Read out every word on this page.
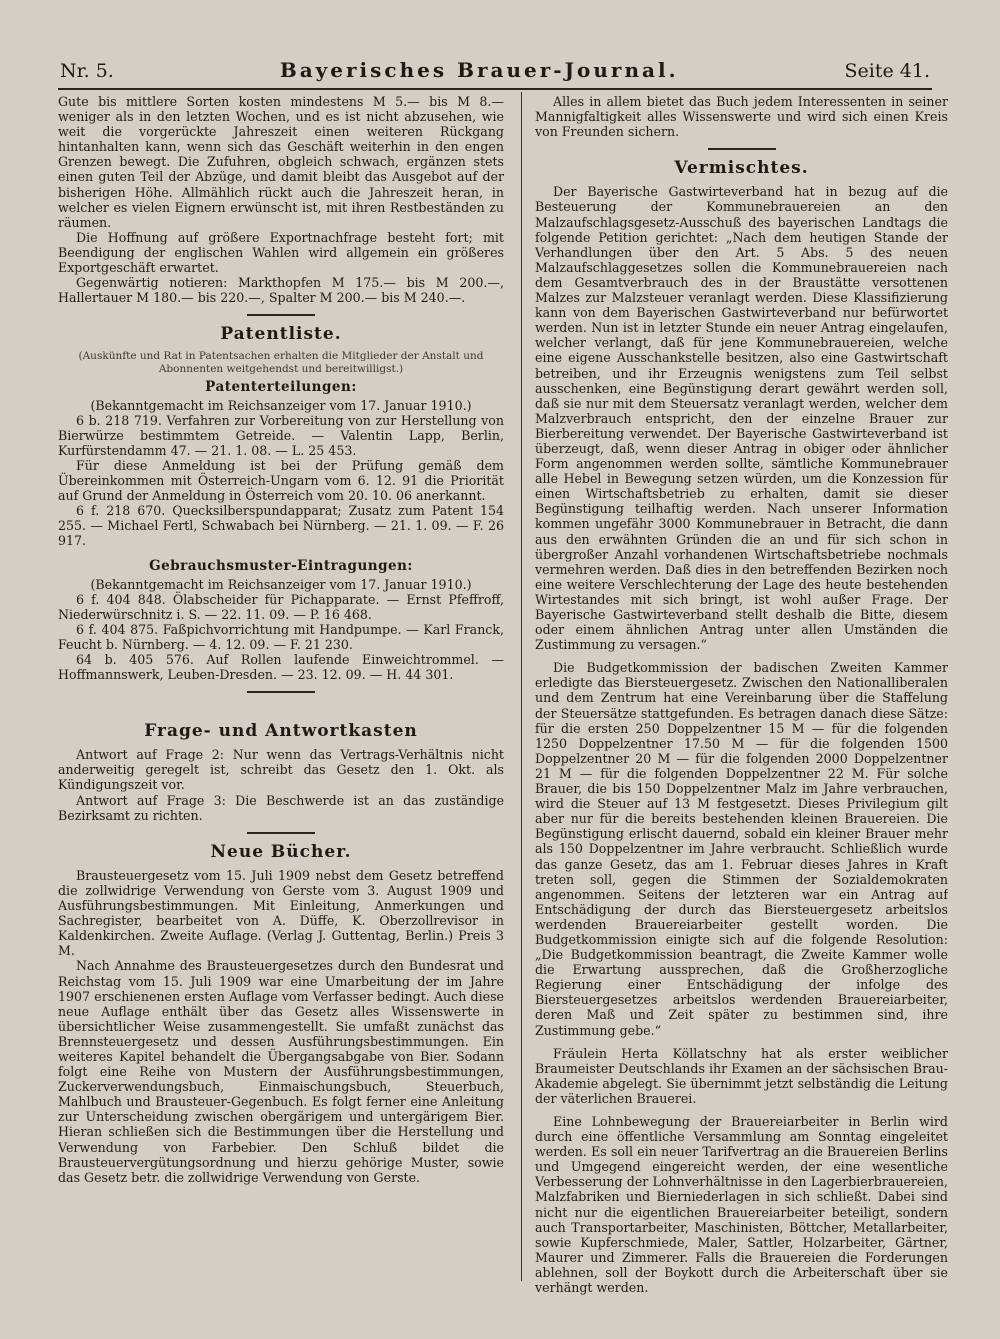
Nr. 5.	Bayerisches Brauer-Journal.	Seite 41.

Gute bis mittlere Sorten kosten mindestens M 5.— bis M 8.— weniger als in den letzten Wochen, und es ist nicht abzusehen, wie weit die vorgerückte Jahreszeit einen weiteren Rückgang hintanhalten kann, wenn sich das Geschäft weiterhin in den engen Grenzen bewegt. Die Zufuhren, obgleich schwach, ergänzen stets einen guten Teil der Abzüge, und damit bleibt das Ausgebot auf der bisherigen Höhe. Allmählich rückt auch die Jahreszeit heran, in welcher es vielen Eignern erwünscht ist, mit ihren Restbeständen zu räumen.

Die Hoffnung auf größere Exportnachfrage besteht fort; mit Beendigung der englischen Wahlen wird allgemein ein größeres Exportgeschäft erwartet.

Gegenwärtig notieren: Markthopfen M 175.— bis M 200.—, Hallertauer M 180.— bis 220.—, Spalter M 200.— bis M 240.—.

Patentliste.
(Auskünfte und Rat in Patentsachen erhalten die Mitglieder der Anstalt und Abonnenten weitgehendst und bereitwilligst.)
Patenterteilungen:

(Bekanntgemacht im Reichsanzeiger vom 17. Januar 1910.)

6 b. 218 719. Verfahren zur Vorbereitung von zur Herstellung von Bierwürze bestimmtem Getreide. — Valentin Lapp, Berlin, Kurfürstendamm 47. — 21. 1. 08. — L. 25 453.

Für diese Anmeldung ist bei der Prüfung gemäß dem Übereinkommen mit Österreich-Ungarn vom 6. 12. 91 die Priorität auf Grund der Anmeldung in Österreich vom 20. 10. 06 anerkannt.

6 f. 218 670. Quecksilberspundapparat; Zusatz zum Patent 154 255. — Michael Fertl, Schwabach bei Nürnberg. — 21. 1. 09. — F. 26 917.

Gebrauchsmuster-Eintragungen:

(Bekanntgemacht im Reichsanzeiger vom 17. Januar 1910.)

6 f. 404 848. Ölabscheider für Pichapparate. — Ernst Pfeffroff, Niederwürschnitz i. S. — 22. 11. 09. — P. 16 468.

6 f. 404 875. Faßpichvorrichtung mit Handpumpe. — Karl Franck, Feucht b. Nürnberg. — 4. 12. 09. — F. 21 230.

64 b. 405 576. Auf Rollen laufende Einweichtrommel. — Hoffmannswerk, Leuben-Dresden. — 23. 12. 09. — H. 44 301.

Frage- und Antwortkasten

Antwort auf Frage 2: Nur wenn das Vertrags-Verhältnis nicht anderweitig geregelt ist, schreibt das Gesetz den 1. Okt. als Kündigungszeit vor.

Antwort auf Frage 3: Die Beschwerde ist an das zuständige Bezirksamt zu richten.

Neue Bücher.

Brausteuergesetz vom 15. Juli 1909 nebst dem Gesetz betreffend die zollwidrige Verwendung von Gerste vom 3. August 1909 und Ausführungsbestimmungen. Mit Einleitung, Anmerkungen und Sachregister, bearbeitet von A. Düffe, K. Oberzollrevisor in Kaldenkirchen. Zweite Auflage. (Verlag J. Guttentag, Berlin.) Preis 3 M.

Nach Annahme des Brausteuergesetzes durch den Bundesrat und Reichstag vom 15. Juli 1909 war eine Umarbeitung der im Jahre 1907 erschienenen ersten Auflage vom Verfasser bedingt. Auch diese neue Auflage enthält über das Gesetz alles Wissenswerte in übersichtlicher Weise zusammengestellt. Sie umfaßt zunächst das Brennsteuergesetz und dessen Ausführungsbestimmungen. Ein weiteres Kapitel behandelt die Übergangsabgabe von Bier. Sodann folgt eine Reihe von Mustern der Ausführungsbestimmungen, Zuckerverwendungsbuch, Einmaischungsbuch, Steuerbuch, Mahlbuch und Brausteuer-Gegenbuch. Es folgt ferner eine Anleitung zur Unterscheidung zwischen obergärigem und untergärigem Bier. Hieran schließen sich die Bestimmungen über die Herstellung und Verwendung von Farbebier. Den Schluß bildet die Brausteuervergütungsordnung und hierzu gehörige Muster, sowie das Gesetz betr. die zollwidrige Verwendung von Gerste.

Alles in allem bietet das Buch jedem Interessenten in seiner Mannigfaltigkeit alles Wissenswerte und wird sich einen Kreis von Freunden sichern.

Vermischtes.

Der Bayerische Gastwirteverband hat in bezug auf die Besteuerung der Kommunebrauereien an den Malzaufschlagsgesetz-Ausschuß des bayerischen Landtags die folgende Petition gerichtet: „Nach dem heutigen Stande der Verhandlungen über den Art. 5 Abs. 5 des neuen Malzaufschlaggesetzes sollen die Kommunebrauereien nach dem Gesamtverbrauch des in der Braustätte versottenen Malzes zur Malzsteuer veranlagt werden. Diese Klassifizierung kann von dem Bayerischen Gastwirteverband nur befürwortet werden. Nun ist in letzter Stunde ein neuer Antrag eingelaufen, welcher verlangt, daß für jene Kommunebrauereien, welche eine eigene Ausschankstelle besitzen, also eine Gastwirtschaft betreiben, und ihr Erzeugnis wenigstens zum Teil selbst ausschenken, eine Begünstigung derart gewährt werden soll, daß sie nur mit dem Steuersatz veranlagt werden, welcher dem Malzverbrauch entspricht, den der einzelne Brauer zur Bierbereitung verwendet. Der Bayerische Gastwirteverband ist überzeugt, daß, wenn dieser Antrag in obiger oder ähnlicher Form angenommen werden sollte, sämtliche Kommunebrauer alle Hebel in Bewegung setzen würden, um die Konzession für einen Wirtschaftsbetrieb zu erhalten, damit sie dieser Begünstigung teilhaftig werden. Nach unserer Information kommen ungefähr 3000 Kommunebrauer in Betracht, die dann aus den erwähnten Gründen die an und für sich schon in übergroßer Anzahl vorhandenen Wirtschaftsbetriebe nochmals vermehren werden. Daß dies in den betreffenden Bezirken noch eine weitere Verschlechterung der Lage des heute bestehenden Wirtestandes mit sich bringt, ist wohl außer Frage. Der Bayerische Gastwirteverband stellt deshalb die Bitte, diesem oder einem ähnlichen Antrag unter allen Umständen die Zustimmung zu versagen.“

Die Budgetkommission der badischen Zweiten Kammer erledigte das Biersteuergesetz. Zwischen den Nationalliberalen und dem Zentrum hat eine Vereinbarung über die Staffelung der Steuersätze stattgefunden. Es betragen danach diese Sätze: für die ersten 250 Doppelzentner 15 M — für die folgenden 1250 Doppelzentner 17.50 M — für die folgenden 1500 Doppelzentner 20 M — für die folgenden 2000 Doppelzentner 21 M — für die folgenden Doppelzentner 22 M. Für solche Brauer, die bis 150 Doppelzentner Malz im Jahre verbrauchen, wird die Steuer auf 13 M festgesetzt. Dieses Privilegium gilt aber nur für die bereits bestehenden kleinen Brauereien. Die Begünstigung erlischt dauernd, sobald ein kleiner Brauer mehr als 150 Doppelzentner im Jahre verbraucht. Schließlich wurde das ganze Gesetz, das am 1. Februar dieses Jahres in Kraft treten soll, gegen die Stimmen der Sozialdemokraten angenommen. Seitens der letzteren war ein Antrag auf Entschädigung der durch das Biersteuergesetz arbeitslos werdenden Brauereiarbeiter gestellt worden. Die Budgetkommission einigte sich auf die folgende Resolution: „Die Budgetkommission beantragt, die Zweite Kammer wolle die Erwartung aussprechen, daß die Großherzogliche Regierung einer Entschädigung der infolge des Biersteuergesetzes arbeitslos werdenden Brauereiarbeiter, deren Maß und Zeit später zu bestimmen sind, ihre Zustimmung gebe.“

Fräulein Herta Köllatschny hat als erster weiblicher Braumeister Deutschlands ihr Examen an der sächsischen Brau-Akademie abgelegt. Sie übernimmt jetzt selbständig die Leitung der väterlichen Brauerei.

Eine Lohnbewegung der Brauereiarbeiter in Berlin wird durch eine öffentliche Versammlung am Sonntag eingeleitet werden. Es soll ein neuer Tarifvertrag an die Brauereien Berlins und Umgegend eingereicht werden, der eine wesentliche Verbesserung der Lohnverhältnisse in den Lagerbierbrauereien, Malzfabriken und Bierniederlagen in sich schließt. Dabei sind nicht nur die eigentlichen Brauereiarbeiter beteiligt, sondern auch Transportarbeiter, Maschinisten, Böttcher, Metallarbeiter, sowie Kupferschmiede, Maler, Sattler, Holzarbeiter, Gärtner, Maurer und Zimmerer. Falls die Brauereien die Forderungen ablehnen, soll der Boykott durch die Arbeiterschaft über sie verhängt werden.
